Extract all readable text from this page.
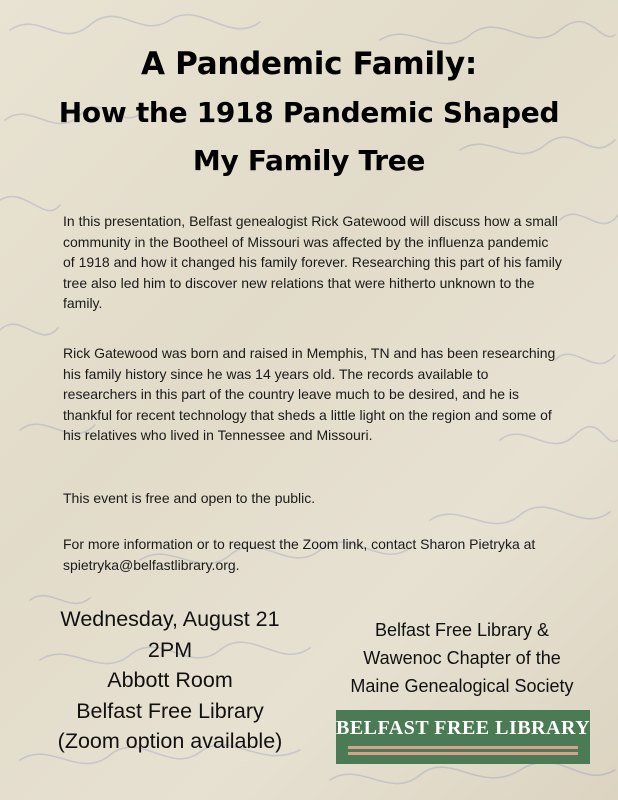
A Pandemic Family:
How the 1918 Pandemic Shaped
My Family Tree

In this presentation, Belfast genealogist Rick Gatewood will discuss how a small community in the Bootheel of Missouri was affected by the influenza pandemic of 1918 and how it changed his family forever. Researching this part of his family tree also led him to discover new relations that were hitherto unknown to the family.

Rick Gatewood was born and raised in Memphis, TN and has been researching his family history since he was 14 years old. The records available to researchers in this part of the country leave much to be desired, and he is thankful for recent technology that sheds a little light on the region and some of his relatives who lived in Tennessee and Missouri.

This event is free and open to the public.

For more information or to request the Zoom link, contact Sharon Pietryka at spietryka@belfastlibrary.org.

Wednesday, August 21
2PM
Abbott Room
Belfast Free Library
(Zoom option available)
Belfast Free Library &
Wawenoc Chapter of the
Maine Genealogical Society
BELFAST FREE LIBRARY
